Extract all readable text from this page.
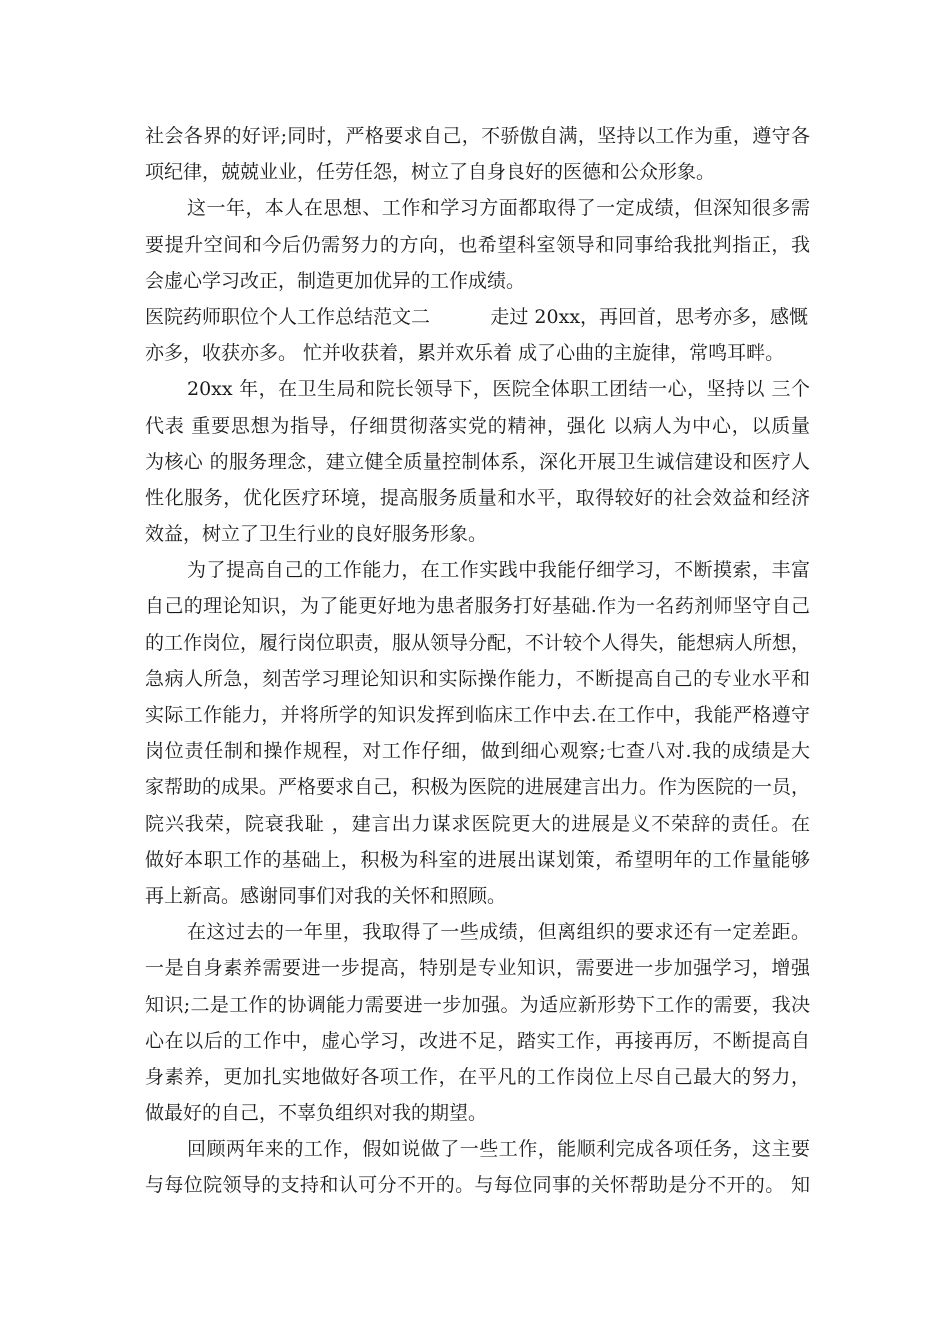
社会各界的好评;同时，严格要求自己，不骄傲自满，坚持以工作为重，遵守各
项纪律，兢兢业业，任劳任怨，树立了自身良好的医德和公众形象。
这一年，本人在思想、工作和学习方面都取得了一定成绩，但深知很多需
要提升空间和今后仍需努力的方向，也希望科室领导和同事给我批判指正，我
会虚心学习改正，制造更加优异的工作成绩。
医院药师职位个人工作总结范文二          走过 20xx，再回首，思考亦多，感慨
亦多，收获亦多。 忙并收获着，累并欢乐着 成了心曲的主旋律，常鸣耳畔。
20xx 年，在卫生局和院长领导下，医院全体职工团结一心，坚持以 三个
代表 重要思想为指导，仔细贯彻落实党的精神，强化 以病人为中心，以质量
为核心 的服务理念，建立健全质量控制体系，深化开展卫生诚信建设和医疗人
性化服务，优化医疗环境，提高服务质量和水平，取得较好的社会效益和经济
效益，树立了卫生行业的良好服务形象。
为了提高自己的工作能力，在工作实践中我能仔细学习，不断摸索，丰富
自己的理论知识，为了能更好地为患者服务打好基础.作为一名药剂师坚守自己
的工作岗位，履行岗位职责，服从领导分配，不计较个人得失，能想病人所想，
急病人所急，刻苦学习理论知识和实际操作能力，不断提高自己的专业水平和
实际工作能力，并将所学的知识发挥到临床工作中去.在工作中，我能严格遵守
岗位责任制和操作规程，对工作仔细，做到细心观察;七查八对.我的成绩是大
家帮助的成果。严格要求自己，积极为医院的进展建言出力。作为医院的一员，
院兴我荣，院衰我耻 ，建言出力谋求医院更大的进展是义不荣辞的责任。在
做好本职工作的基础上，积极为科室的进展出谋划策，希望明年的工作量能够
再上新高。感谢同事们对我的关怀和照顾。
在这过去的一年里，我取得了一些成绩，但离组织的要求还有一定差距。
一是自身素养需要进一步提高，特别是专业知识，需要进一步加强学习，增强
知识;二是工作的协调能力需要进一步加强。为适应新形势下工作的需要，我决
心在以后的工作中，虚心学习，改进不足，踏实工作，再接再厉，不断提高自
身素养，更加扎实地做好各项工作，在平凡的工作岗位上尽自己最大的努力，
做最好的自己，不辜负组织对我的期望。
回顾两年来的工作，假如说做了一些工作，能顺利完成各项任务，这主要
与每位院领导的支持和认可分不开的。与每位同事的关怀帮助是分不开的。 知
